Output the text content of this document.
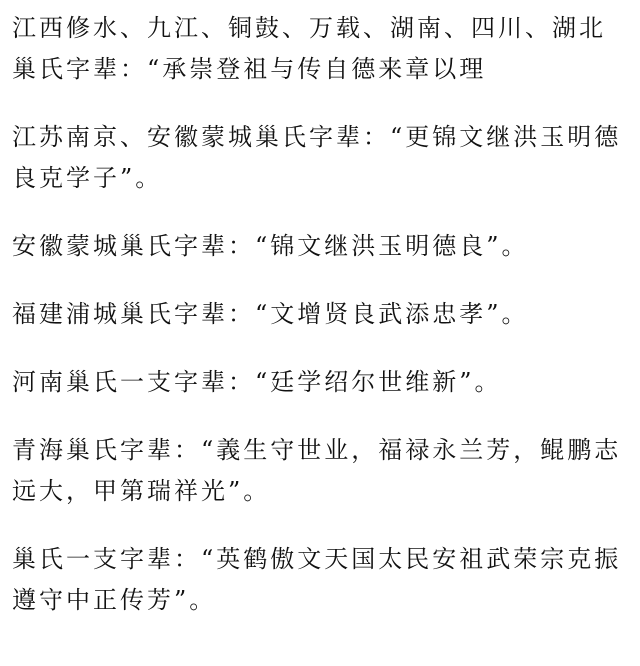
江西修水、九江、铜鼓、万载、湖南、四川、湖北巢氏字辈：“承崇登祖与传自德来章以理

江苏南京、安徽蒙城巢氏字辈：“更锦文继洪玉明德良克学子”。

安徽蒙城巢氏字辈：“锦文继洪玉明德良”。

福建浦城巢氏字辈：“文增贤良武添忠孝”。

河南巢氏一支字辈：“廷学绍尔世维新”。

青海巢氏字辈：“義生守世业，福禄永兰芳，鲲鹏志远大，甲第瑞祥光”。

巢氏一支字辈：“英鹤傲文天国太民安祖武荣宗克振遵守中正传芳”。
